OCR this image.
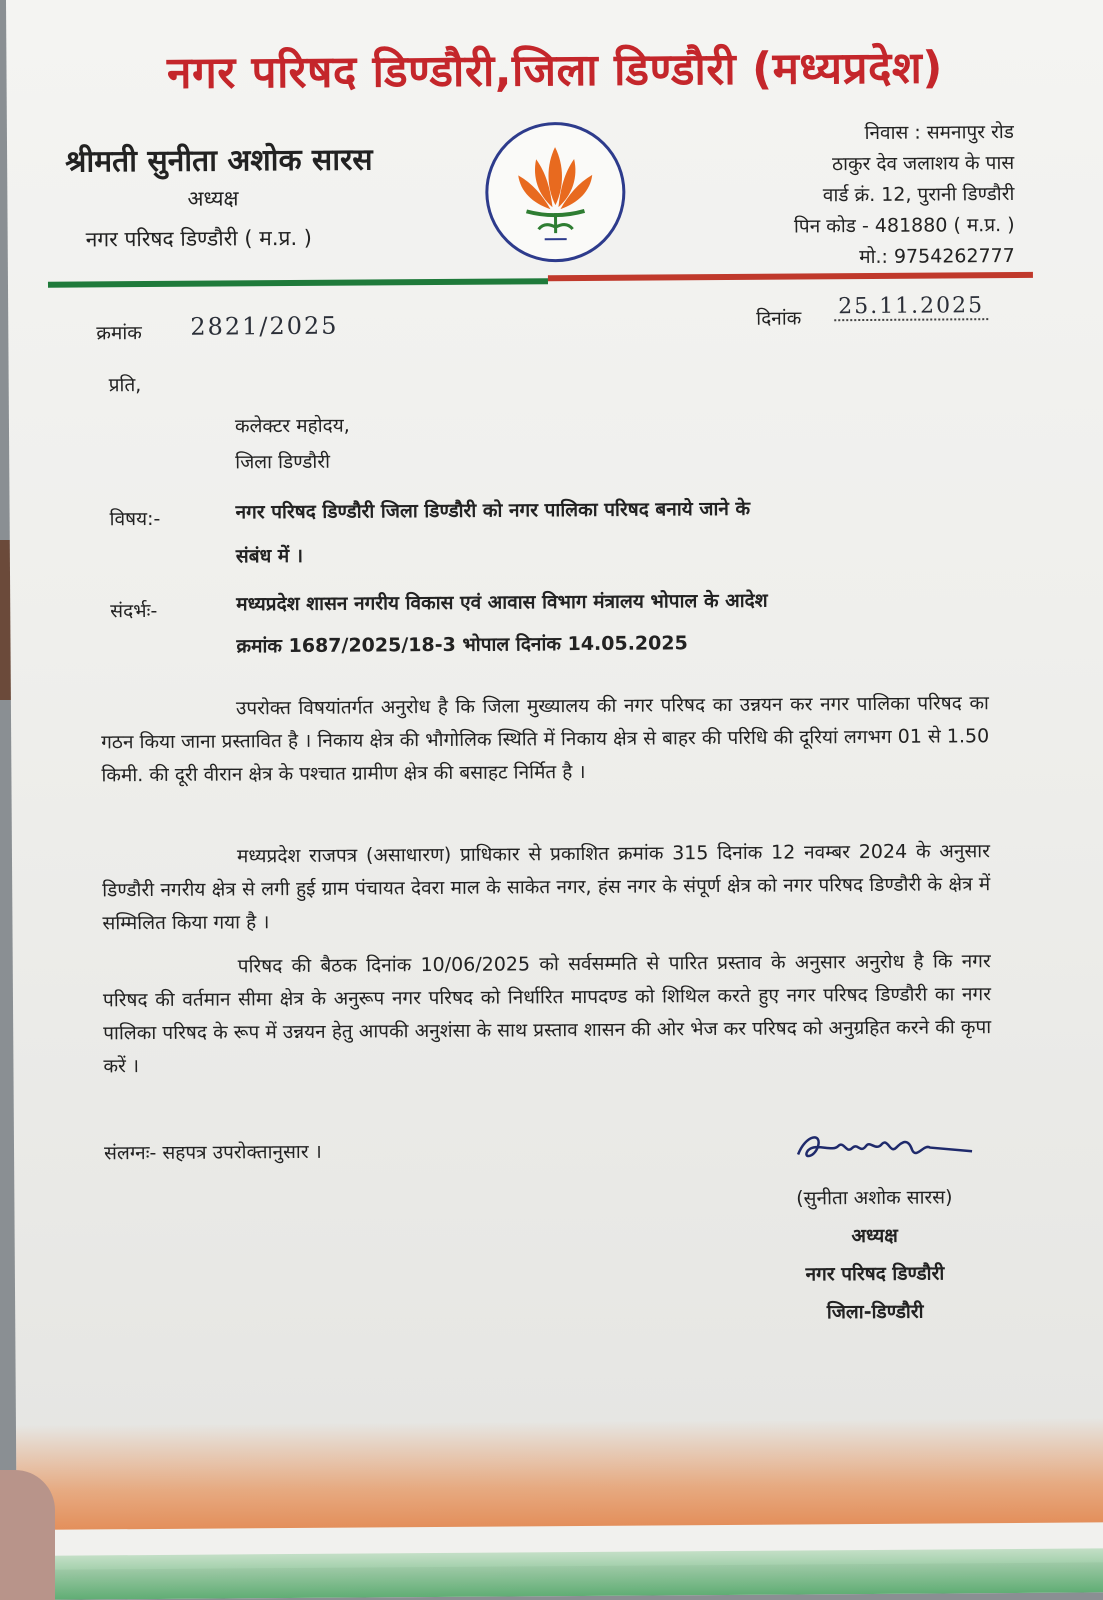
नगर परिषद डिण्डौरी,जिला डिण्डौरी (मध्यप्रदेश)
श्रीमती सुनीता अशोक सारस
अध्यक्ष
नगर परिषद डिण्डौरी ( म.प्र. )
निवास : समनापुर रोड
ठाकुर देव जलाशय के पास
वार्ड क्रं. 12, पुरानी डिण्डौरी
पिन कोड - 481880 ( म.प्र. )
मो.: 9754262777
क्रमांक 2821/2025	दिनांक 25.11.2025
प्रति,
कलेक्टर महोदय,
जिला डिण्डौरी
विषय:-	नगर परिषद डिण्डौरी जिला डिण्डौरी को नगर पालिका परिषद बनाये जाने के
संबंध में ।
संदर्भः-	मध्यप्रदेश शासन नगरीय विकास एवं आवास विभाग मंत्रालय भोपाल के आदेश
क्रमांक 1687/2025/18-3 भोपाल दिनांक 14.05.2025
उपरोक्त विषयांतर्गत अनुरोध है कि जिला मुख्यालय की नगर परिषद का उन्नयन कर नगर पालिका परिषद का गठन किया जाना प्रस्तावित है । निकाय क्षेत्र की भौगोलिक स्थिति में निकाय क्षेत्र से बाहर की परिधि की दूरियां लगभग 01 से 1.50 किमी. की दूरी वीरान क्षेत्र के पश्चात ग्रामीण क्षेत्र की बसाहट निर्मित है ।
मध्यप्रदेश राजपत्र (असाधारण) प्राधिकार से प्रकाशित क्रमांक 315 दिनांक 12 नवम्बर 2024 के अनुसार डिण्डौरी नगरीय क्षेत्र से लगी हुई ग्राम पंचायत देवरा माल के साकेत नगर, हंस नगर के संपूर्ण क्षेत्र को नगर परिषद डिण्डौरी के क्षेत्र में सम्मिलित किया गया है ।
परिषद की बैठक दिनांक 10/06/2025 को सर्वसम्मति से पारित प्रस्ताव के अनुसार अनुरोध है कि नगर परिषद की वर्तमान सीमा क्षेत्र के अनुरूप नगर परिषद को निर्धारित मापदण्ड को शिथिल करते हुए नगर परिषद डिण्डौरी का नगर पालिका परिषद के रूप में उन्नयन हेतु आपकी अनुशंसा के साथ प्रस्ताव शासन की ओर भेज कर परिषद को अनुग्रहित करने की कृपा करें ।
संलग्नः- सहपत्र उपरोक्तानुसार ।
(सुनीता अशोक सारस)
अध्यक्ष
नगर परिषद डिण्डौरी
जिला-डिण्डौरी
